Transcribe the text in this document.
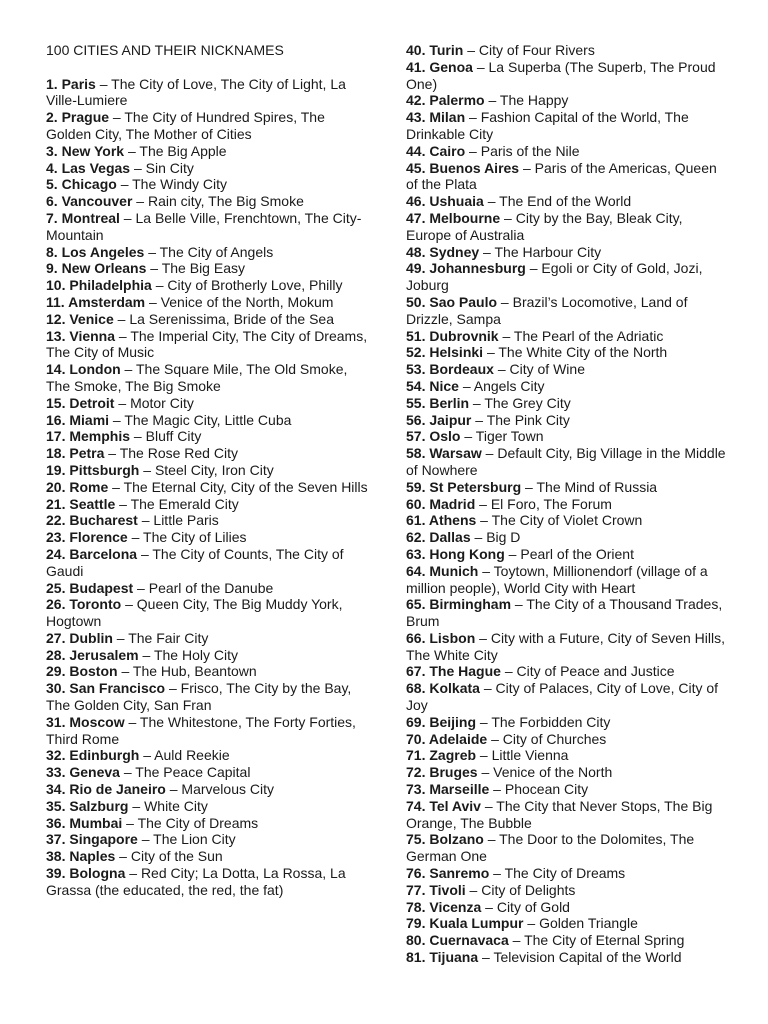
100 CITIES AND THEIR NICKNAMES

1. Paris – The City of Love, The City of Light, La Ville-Lumiere

2. Prague – The City of Hundred Spires, The Golden City, The Mother of Cities

3. New York – The Big Apple

4. Las Vegas – Sin City

5. Chicago – The Windy City

6. Vancouver – Rain city, The Big Smoke

7. Montreal – La Belle Ville, Frenchtown, The City-Mountain

8. Los Angeles – The City of Angels

9. New Orleans – The Big Easy

10. Philadelphia – City of Brotherly Love, Philly

11. Amsterdam – Venice of the North, Mokum

12. Venice – La Serenissima, Bride of the Sea

13. Vienna – The Imperial City, The City of Dreams, The City of Music

14. London – The Square Mile, The Old Smoke, The Smoke, The Big Smoke

15. Detroit – Motor City

16. Miami – The Magic City, Little Cuba

17. Memphis – Bluff City

18. Petra – The Rose Red City

19. Pittsburgh – Steel City, Iron City

20. Rome – The Eternal City, City of the Seven Hills

21. Seattle – The Emerald City

22. Bucharest – Little Paris

23. Florence – The City of Lilies

24. Barcelona – The City of Counts, The City of Gaudi

25. Budapest – Pearl of the Danube

26. Toronto – Queen City, The Big Muddy York, Hogtown

27. Dublin – The Fair City

28. Jerusalem – The Holy City

29. Boston – The Hub, Beantown

30. San Francisco – Frisco, The City by the Bay, The Golden City, San Fran

31. Moscow – The Whitestone, The Forty Forties, Third Rome

32. Edinburgh – Auld Reekie

33. Geneva – The Peace Capital

34. Rio de Janeiro – Marvelous City

35. Salzburg – White City

36. Mumbai – The City of Dreams

37. Singapore – The Lion City

38. Naples – City of the Sun

39. Bologna – Red City; La Dotta, La Rossa, La Grassa (the educated, the red, the fat)

40. Turin – City of Four Rivers

41. Genoa – La Superba (The Superb, The Proud One)

42. Palermo – The Happy

43. Milan – Fashion Capital of the World, The Drinkable City

44. Cairo – Paris of the Nile

45. Buenos Aires – Paris of the Americas, Queen of the Plata

46. Ushuaia – The End of the World

47. Melbourne – City by the Bay, Bleak City, Europe of Australia

48. Sydney – The Harbour City

49. Johannesburg – Egoli or City of Gold, Jozi, Joburg

50. Sao Paulo – Brazil’s Locomotive, Land of Drizzle, Sampa

51. Dubrovnik – The Pearl of the Adriatic

52. Helsinki – The White City of the North

53. Bordeaux – City of Wine

54. Nice – Angels City

55. Berlin – The Grey City

56. Jaipur – The Pink City

57. Oslo – Tiger Town

58. Warsaw – Default City, Big Village in the Middle of Nowhere

59. St Petersburg – The Mind of Russia

60. Madrid – El Foro, The Forum

61. Athens – The City of Violet Crown

62. Dallas – Big D

63. Hong Kong – Pearl of the Orient

64. Munich – Toytown, Millionendorf (village of a million people), World City with Heart

65. Birmingham – The City of a Thousand Trades, Brum

66. Lisbon – City with a Future, City of Seven Hills, The White City

67. The Hague – City of Peace and Justice

68. Kolkata – City of Palaces, City of Love, City of Joy

69. Beijing – The Forbidden City

70. Adelaide – City of Churches

71. Zagreb – Little Vienna

72. Bruges – Venice of the North

73. Marseille – Phocean City

74. Tel Aviv – The City that Never Stops, The Big Orange, The Bubble

75. Bolzano – The Door to the Dolomites, The German One

76. Sanremo – The City of Dreams

77. Tivoli – City of Delights

78. Vicenza – City of Gold

79. Kuala Lumpur – Golden Triangle

80. Cuernavaca – The City of Eternal Spring

81. Tijuana – Television Capital of the World
